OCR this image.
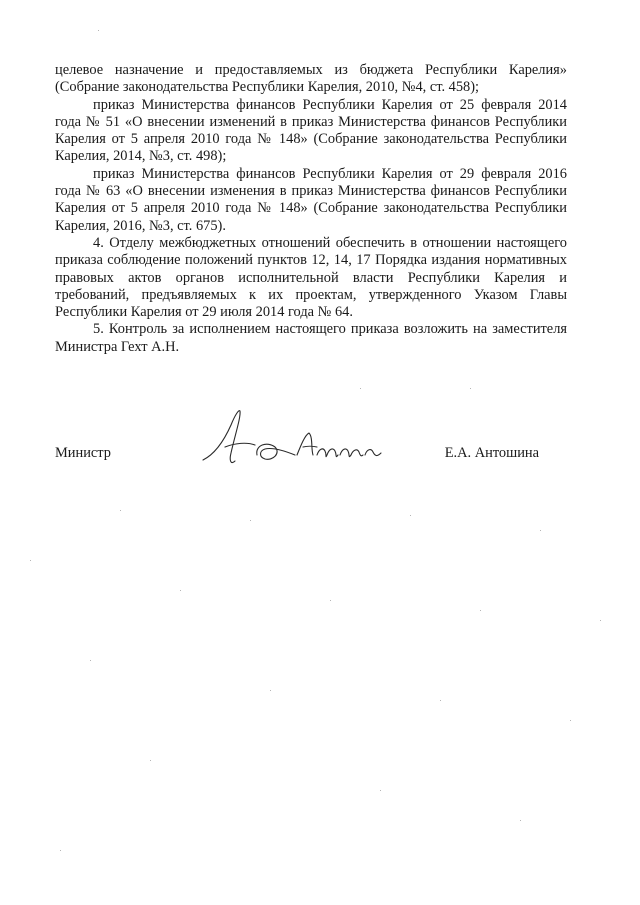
целевое назначение и предоставляемых из бюджета Республики Карелия» (Собрание законодательства Республики Карелия, 2010, №4, ст. 458);

приказ Министерства финансов Республики Карелия от 25 февраля 2014 года № 51 «О внесении изменений в приказ Министерства финансов Республики Карелия от 5 апреля 2010 года № 148» (Собрание законодательства Республики Карелия, 2014, №3, ст. 498);

приказ Министерства финансов Республики Карелия от 29 февраля 2016 года № 63 «О внесении изменения в приказ Министерства финансов Республики Карелия от 5 апреля 2010 года № 148» (Собрание законодательства Республики Карелия, 2016, №3, ст. 675).

4. Отделу межбюджетных отношений обеспечить в отношении настоящего приказа соблюдение положений пунктов 12, 14, 17 Порядка издания нормативных правовых актов органов исполнительной власти Республики Карелия и требований, предъявляемых к их проектам, утвержденного Указом Главы Республики Карелия от 29 июля 2014 года № 64.

5. Контроль за исполнением настоящего приказа возложить на заместителя Министра Гехт А.Н.

Министр	Е.А. Антошина
Антош
